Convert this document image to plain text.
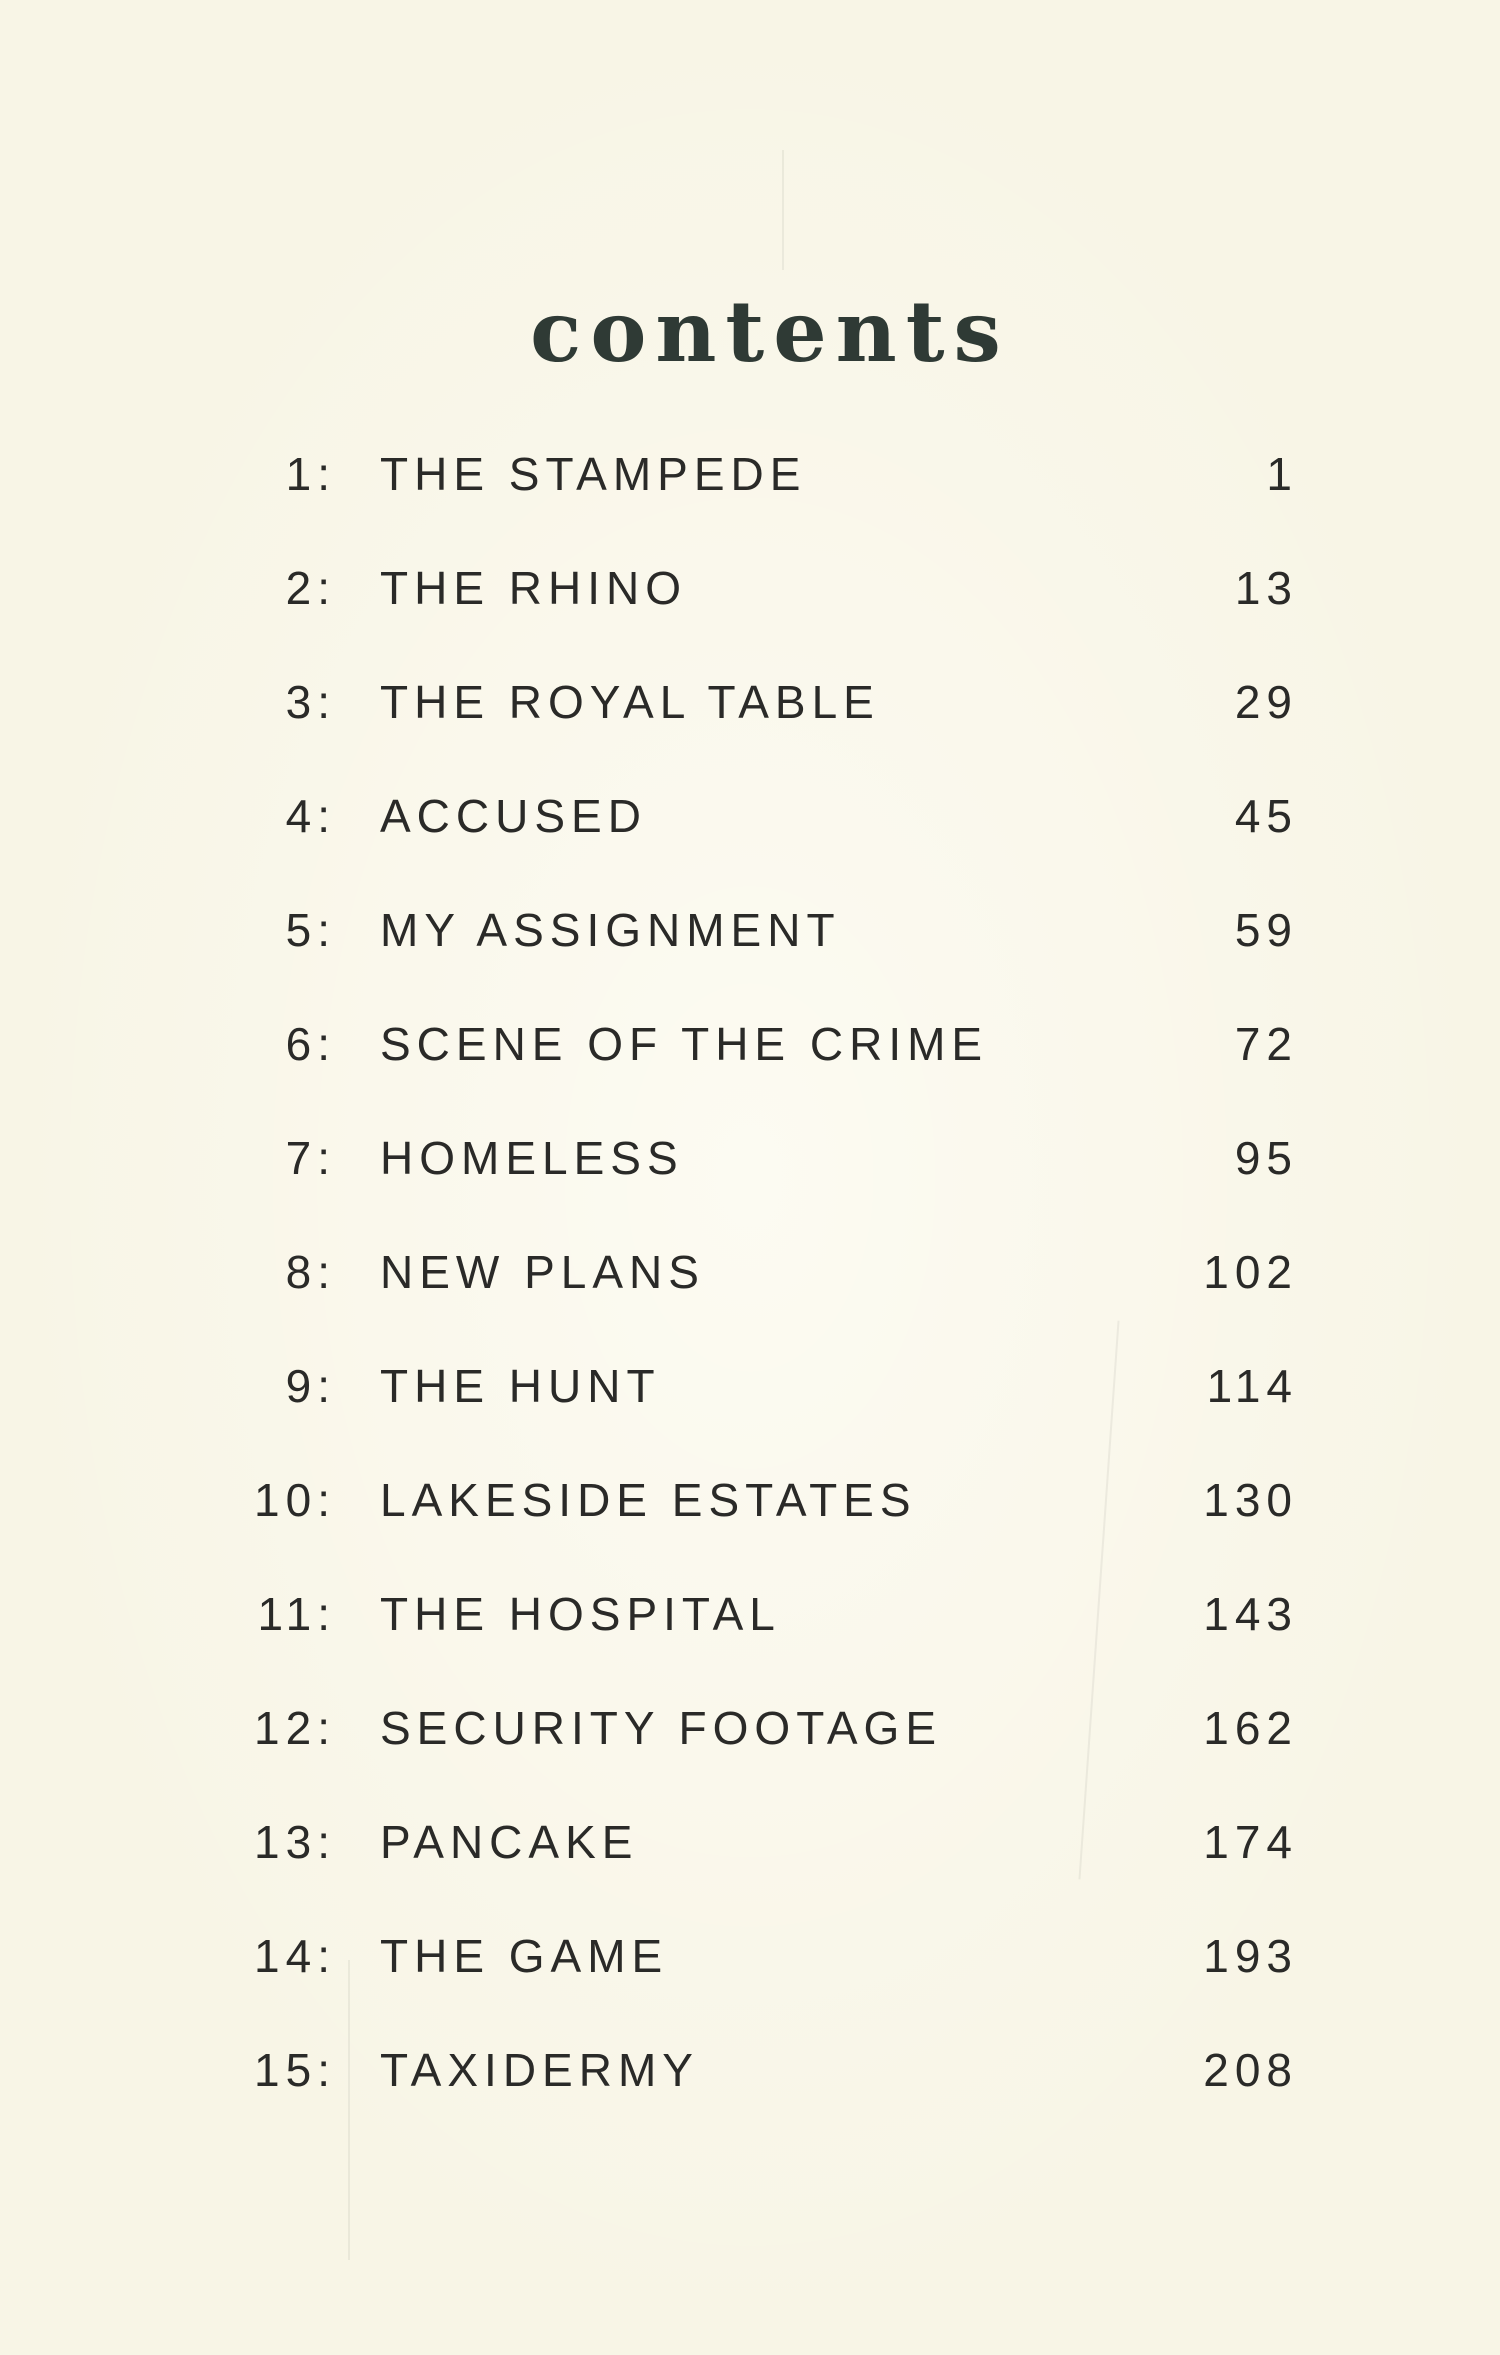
contents
1: THE STAMPEDE	1
2: THE RHINO	13
3: THE ROYAL TABLE	29
4: ACCUSED	45
5: MY ASSIGNMENT	59
6: SCENE OF THE CRIME	72
7: HOMELESS	95
8: NEW PLANS	102
9: THE HUNT	114
10: LAKESIDE ESTATES	130
11: THE HOSPITAL	143
12: SECURITY FOOTAGE	162
13: PANCAKE	174
14: THE GAME	193
15: TAXIDERMY	208
